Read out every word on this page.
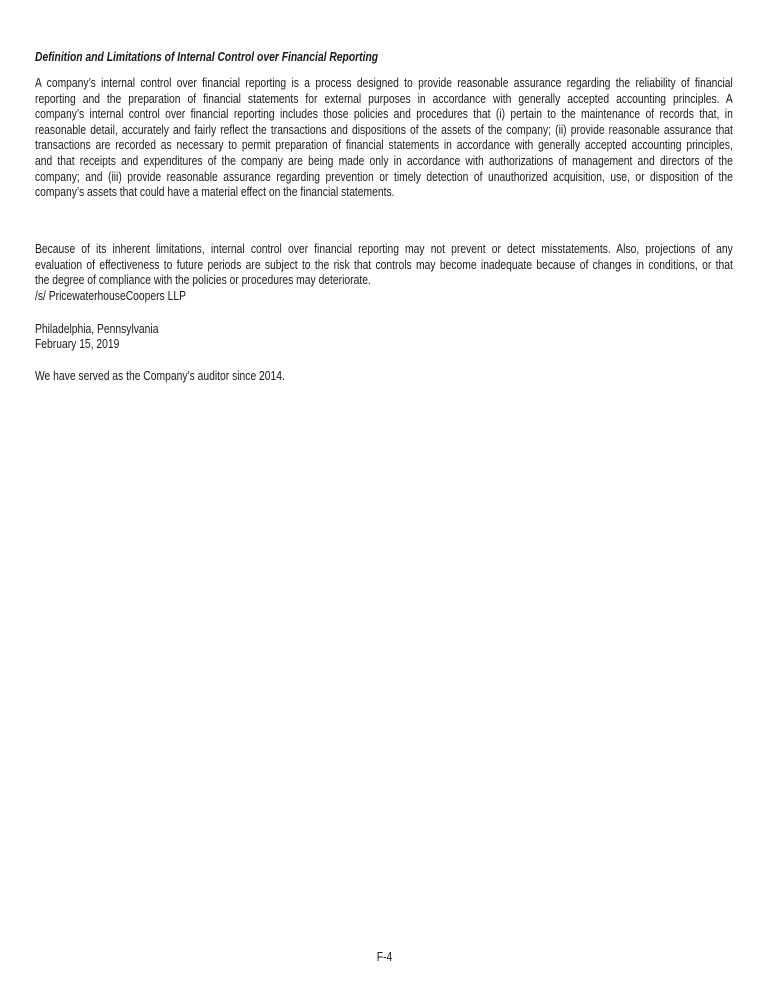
Definition and Limitations of Internal Control over Financial Reporting
A company’s internal control over financial reporting is a process designed to provide reasonable assurance regarding the reliability of financial
reporting and the preparation of financial statements for external purposes in accordance with generally accepted accounting principles. A
company’s internal control over financial reporting includes those policies and procedures that (i) pertain to the maintenance of records that, in
reasonable detail, accurately and fairly reflect the transactions and dispositions of the assets of the company; (ii) provide reasonable assurance that
transactions are recorded as necessary to permit preparation of financial statements in accordance with generally accepted accounting principles,
and that receipts and expenditures of the company are being made only in accordance with authorizations of management and directors of the
company; and (iii) provide reasonable assurance regarding prevention or timely detection of unauthorized acquisition, use, or disposition of the
company’s assets that could have a material effect on the financial statements.
Because of its inherent limitations, internal control over financial reporting may not prevent or detect misstatements. Also, projections of any
evaluation of effectiveness to future periods are subject to the risk that controls may become inadequate because of changes in conditions, or that
the degree of compliance with the policies or procedures may deteriorate.
/s/ PricewaterhouseCoopers LLP
Philadelphia, Pennsylvania
February 15, 2019
We have served as the Company’s auditor since 2014.
F-4
